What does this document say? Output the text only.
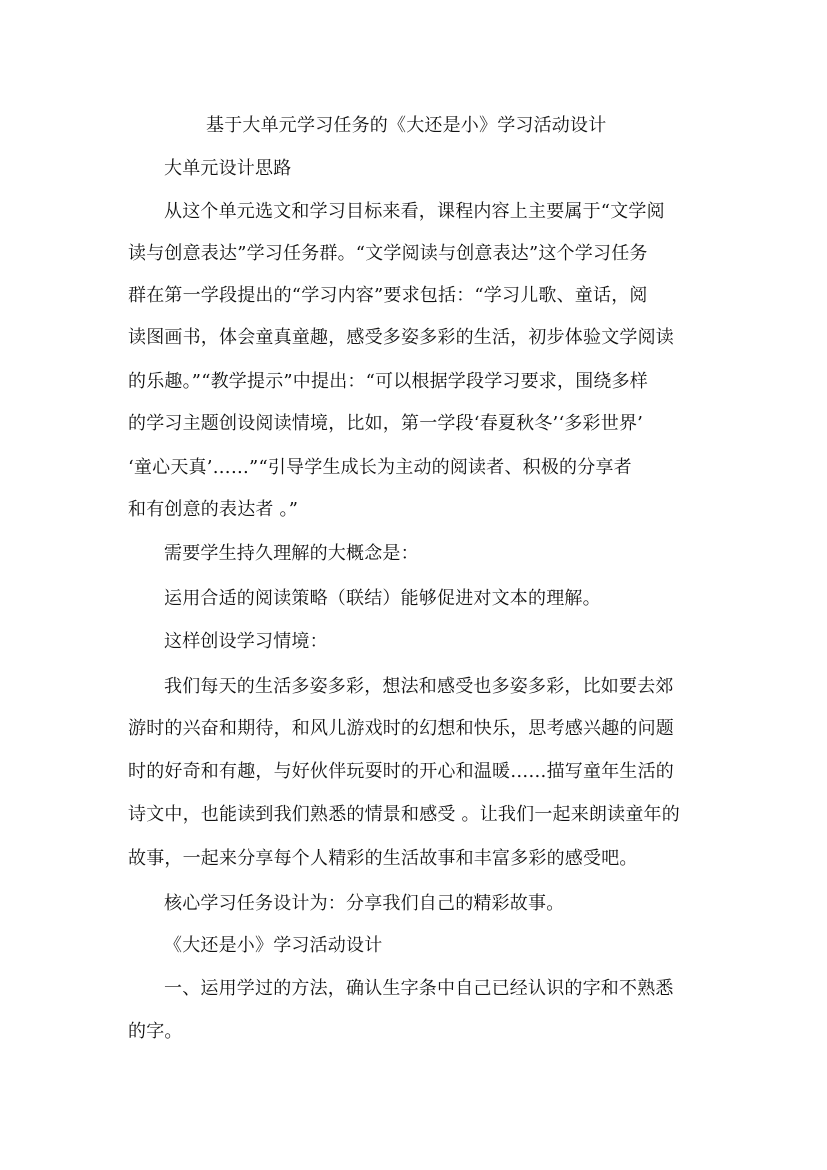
基于大单元学习任务的《大还是小》学习活动设计
大单元设计思路
从这个单元选文和学习目标来看，课程内容上主要属于“文学阅
读与创意表达”学习任务群。“文学阅读与创意表达”这个学习任务
群在第一学段提出的“学习内容”要求包括：“学习儿歌、童话，阅
读图画书，体会童真童趣，感受多姿多彩的生活，初步体验文学阅读
的乐趣。”“教学提示”中提出：“可以根据学段学习要求，围绕多样
的学习主题创设阅读情境，比如，第一学段‘春夏秋冬’‘多彩世界’
‘童心天真’……”“引导学生成长为主动的阅读者、积极的分享者
和有创意的表达者 。”
需要学生持久理解的大概念是：
运用合适的阅读策略（联结）能够促进对文本的理解。
这样创设学习情境：
我们每天的生活多姿多彩，想法和感受也多姿多彩，比如要去郊
游时的兴奋和期待，和风儿游戏时的幻想和快乐，思考感兴趣的问题
时的好奇和有趣，与好伙伴玩耍时的开心和温暖……描写童年生活的
诗文中，也能读到我们熟悉的情景和感受 。让我们一起来朗读童年的
故事，一起来分享每个人精彩的生活故事和丰富多彩的感受吧。
核心学习任务设计为：分享我们自己的精彩故事。
《大还是小》学习活动设计
一、运用学过的方法，确认生字条中自己已经认识的字和不熟悉
的字。
